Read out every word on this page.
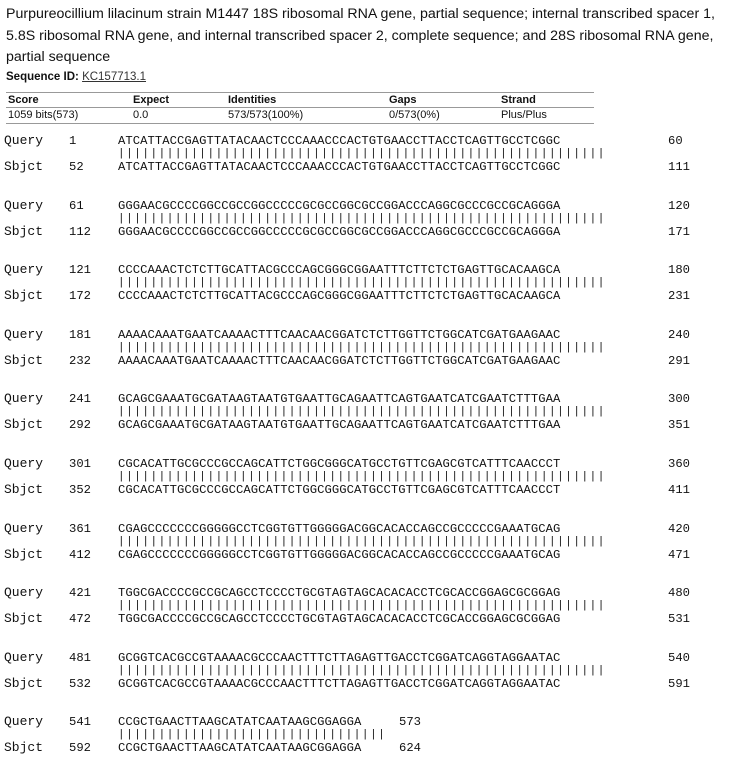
Purpureocillium lilacinum strain M1447 18S ribosomal RNA gene, partial sequence; internal transcribed spacer 1, 5.8S ribosomal RNA gene, and internal transcribed spacer 2, complete sequence; and 28S ribosomal RNA gene, partial sequence
Sequence ID: KC157713.1
Score	Expect	Identities	Gaps	Strand
1059 bits(573)	0.0	573/573(100%)	0/573(0%)	Plus/Plus
Query	1	ATCATTACCGAGTTATACAACTCCCAAACCCACTGTGAACCTTACCTCAGTTGCCTCGGC	60
||||||||||||||||||||||||||||||||||||||||||||||||||||||||||||
Sbjct	52	ATCATTACCGAGTTATACAACTCCCAAACCCACTGTGAACCTTACCTCAGTTGCCTCGGC	111
Query	61	GGGAACGCCCCGGCCGCCGGCCCCCGCGCCGGCGCCGGACCCAGGCGCCCGCCGCAGGGA	120
||||||||||||||||||||||||||||||||||||||||||||||||||||||||||||
Sbjct	112	GGGAACGCCCCGGCCGCCGGCCCCCGCGCCGGCGCCGGACCCAGGCGCCCGCCGCAGGGA	171
Query	121	CCCCAAACTCTCTTGCATTACGCCCAGCGGGCGGAATTTCTTCTCTGAGTTGCACAAGCA	180
||||||||||||||||||||||||||||||||||||||||||||||||||||||||||||
Sbjct	172	CCCCAAACTCTCTTGCATTACGCCCAGCGGGCGGAATTTCTTCTCTGAGTTGCACAAGCA	231
Query	181	AAAACAAATGAATCAAAACTTTCAACAACGGATCTCTTGGTTCTGGCATCGATGAAGAAC	240
||||||||||||||||||||||||||||||||||||||||||||||||||||||||||||
Sbjct	232	AAAACAAATGAATCAAAACTTTCAACAACGGATCTCTTGGTTCTGGCATCGATGAAGAAC	291
Query	241	GCAGCGAAATGCGATAAGTAATGTGAATTGCAGAATTCAGTGAATCATCGAATCTTTGAA	300
||||||||||||||||||||||||||||||||||||||||||||||||||||||||||||
Sbjct	292	GCAGCGAAATGCGATAAGTAATGTGAATTGCAGAATTCAGTGAATCATCGAATCTTTGAA	351
Query	301	CGCACATTGCGCCCGCCAGCATTCTGGCGGGCATGCCTGTTCGAGCGTCATTTCAACCCT	360
||||||||||||||||||||||||||||||||||||||||||||||||||||||||||||
Sbjct	352	CGCACATTGCGCCCGCCAGCATTCTGGCGGGCATGCCTGTTCGAGCGTCATTTCAACCCT	411
Query	361	CGAGCCCCCCCGGGGGCCTCGGTGTTGGGGGACGGCACACCAGCCGCCCCCGAAATGCAG	420
||||||||||||||||||||||||||||||||||||||||||||||||||||||||||||
Sbjct	412	CGAGCCCCCCCGGGGGCCTCGGTGTTGGGGGACGGCACACCAGCCGCCCCCGAAATGCAG	471
Query	421	TGGCGACCCCGCCGCAGCCTCCCCTGCGTAGTAGCACACACCTCGCACCGGAGCGCGGAG	480
||||||||||||||||||||||||||||||||||||||||||||||||||||||||||||
Sbjct	472	TGGCGACCCCGCCGCAGCCTCCCCTGCGTAGTAGCACACACCTCGCACCGGAGCGCGGAG	531
Query	481	GCGGTCACGCCGTAAAACGCCCAACTTTCTTAGAGTTGACCTCGGATCAGGTAGGAATAC	540
||||||||||||||||||||||||||||||||||||||||||||||||||||||||||||
Sbjct	532	GCGGTCACGCCGTAAAACGCCCAACTTTCTTAGAGTTGACCTCGGATCAGGTAGGAATAC	591
Query	541	CCGCTGAACTTAAGCATATCAATAAGCGGAGGA	573
|||||||||||||||||||||||||||||||||
Sbjct	592	CCGCTGAACTTAAGCATATCAATAAGCGGAGGA	624
